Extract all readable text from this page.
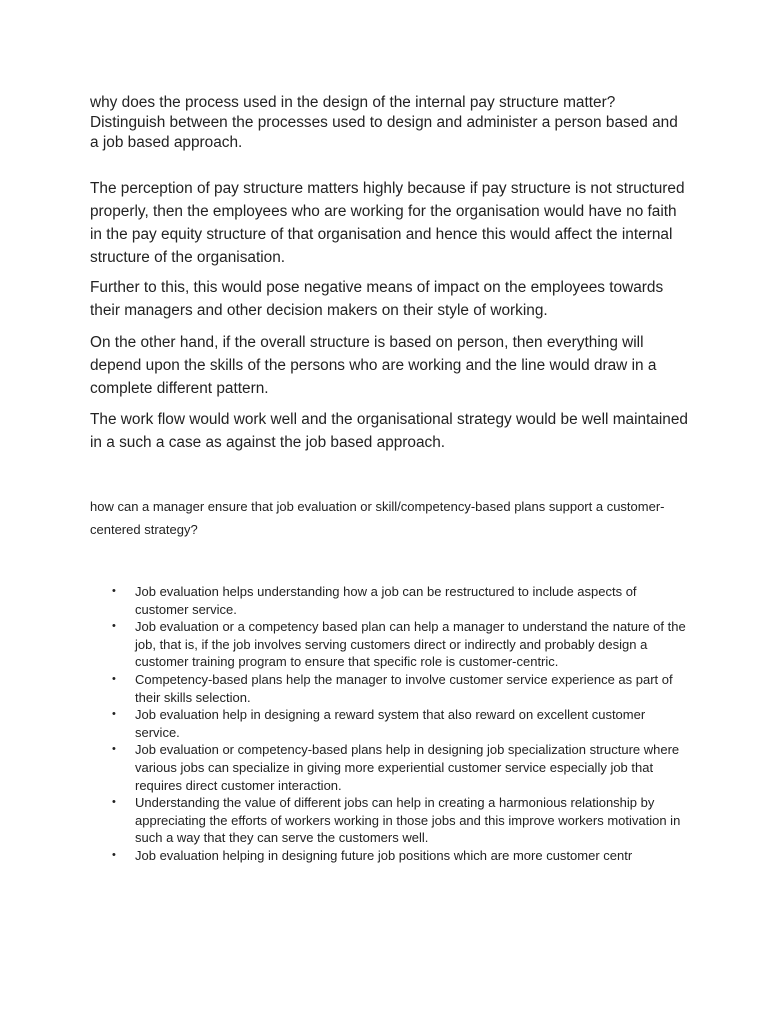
why does the process used in the design of the internal pay structure matter? Distinguish between the processes used to design and administer a person based and a job based approach.

The perception of pay structure matters highly because if pay structure is not structured properly, then the employees who are working for the organisation would have no faith in the pay equity structure of that organisation and hence this would affect the internal structure of the organisation.

Further to this, this would pose negative means of impact on the employees towards their managers and other decision makers on their style of working.

On the other hand, if the overall structure is based on person, then everything will depend upon the skills of the persons who are working and the line would draw in a complete different pattern.

The work flow would work well and the organisational strategy would be well maintained in a such a case as against the job based approach.

how can a manager ensure that job evaluation or skill/competency-based plans support a customer-centered strategy?

• Job evaluation helps understanding how a job can be restructured to include aspects of customer service.
• Job evaluation or a competency based plan can help a manager to understand the nature of the job, that is, if the job involves serving customers direct or indirectly and probably design a customer training program to ensure that specific role is customer-centric.
• Competency-based plans help the manager to involve customer service experience as part of their skills selection.
• Job evaluation help in designing a reward system that also reward on excellent customer service.
• Job evaluation or competency-based plans help in designing job specialization structure where various jobs can specialize in giving more experiential customer service especially job that requires direct customer interaction.
• Understanding the value of different jobs can help in creating a harmonious relationship by appreciating the efforts of workers working in those jobs and this improve workers motivation in such a way that they can serve the customers well.
• Job evaluation helping in designing future job positions which are more customer centr
